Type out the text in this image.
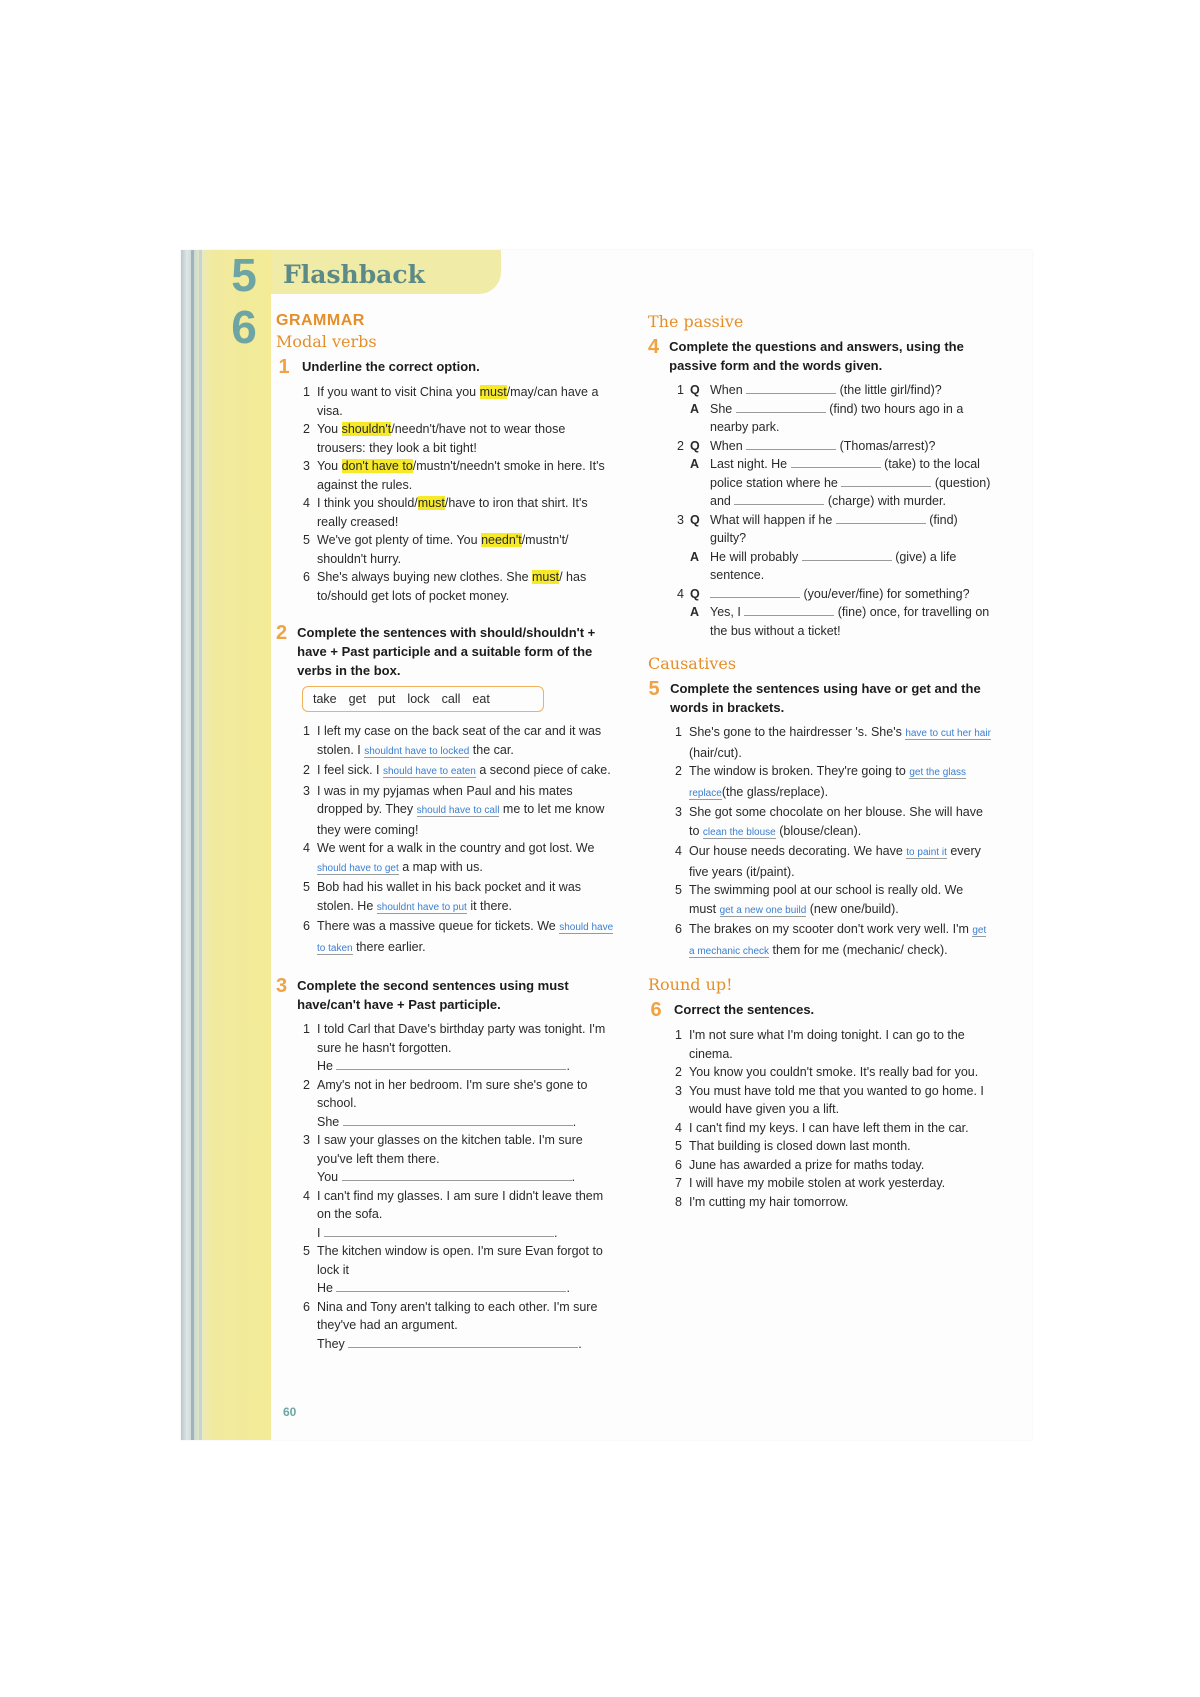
5
6
Flashback
GRAMMAR
Modal verbs
1 Underline the correct option.
1 If you want to visit China you must/may/can have a visa.
2 You shouldn't/needn't/have not to wear those trousers: they look a bit tight!
3 You don't have to/mustn't/needn't smoke in here. It's against the rules.
4 I think you should/must/have to iron that shirt. It's really creased!
5 We've got plenty of time. You needn't/mustn't/ shouldn't hurry.
6 She's always buying new clothes. She must/ has to/should get lots of pocket money.
2 Complete the sentences with should/shouldn't + have + Past participle and a suitable form of the verbs in the box.
take get put lock call eat
1 I left my case on the back seat of the car and it was stolen. I shouldnt have to locked the car.
2 I feel sick. I should have to eaten a second piece of cake.
3 I was in my pyjamas when Paul and his mates dropped by. They should have to call me to let me know they were coming!
4 We went for a walk in the country and got lost. We should have to get a map with us.
5 Bob had his wallet in his back pocket and it was stolen. He shouldnt have to put it there.
6 There was a massive queue for tickets. We should have to taken there earlier.
3 Complete the second sentences using must have/can't have + Past participle.
1 I told Carl that Dave's birthday party was tonight. I'm sure he hasn't forgotten.
He	.
2 Amy's not in her bedroom. I'm sure she's gone to school.
She	.
3 I saw your glasses on the kitchen table. I'm sure you've left them there.
You	.
4 I can't find my glasses. I am sure I didn't leave them on the sofa.
I	.
5 The kitchen window is open. I'm sure Evan forgot to lock it
He	.
6 Nina and Tony aren't talking to each other. I'm sure they've had an argument.
They	.
The passive
4 Complete the questions and answers, using the passive form and the words given.
1 Q When	(the little girl/find)?
A She	(find) two hours ago in a nearby park.
2 Q When	(Thomas/arrest)?
A Last night. He	(take) to the local police station where he	(question) and	(charge) with murder.
3 Q What will happen if he	(find) guilty?
A He will probably	(give) a life sentence.
4 Q	(you/ever/fine) for something?
A Yes, I	(fine) once, for travelling on the bus without a ticket!
Causatives
5 Complete the sentences using have or get and the words in brackets.
1 She's gone to the hairdresser 's. She's have to cut her hair (hair/cut).
2 The window is broken. They're going to get the glass replace(the glass/replace).
3 She got some chocolate on her blouse. She will have to clean the blouse (blouse/clean).
4 Our house needs decorating. We have to paint it every five years (it/paint).
5 The swimming pool at our school is really old. We must get a new one build (new one/build).
6 The brakes on my scooter don't work very well. I'm get a mechanic check them for me (mechanic/ check).
Round up!
6 Correct the sentences.
1 I'm not sure what I'm doing tonight. I can go to the cinema.
2 You know you couldn't smoke. It's really bad for you.
3 You must have told me that you wanted to go home. I would have given you a lift.
4 I can't find my keys. I can have left them in the car.
5 That building is closed down last month.
6 June has awarded a prize for maths today.
7 I will have my mobile stolen at work yesterday.
8 I'm cutting my hair tomorrow.
60
